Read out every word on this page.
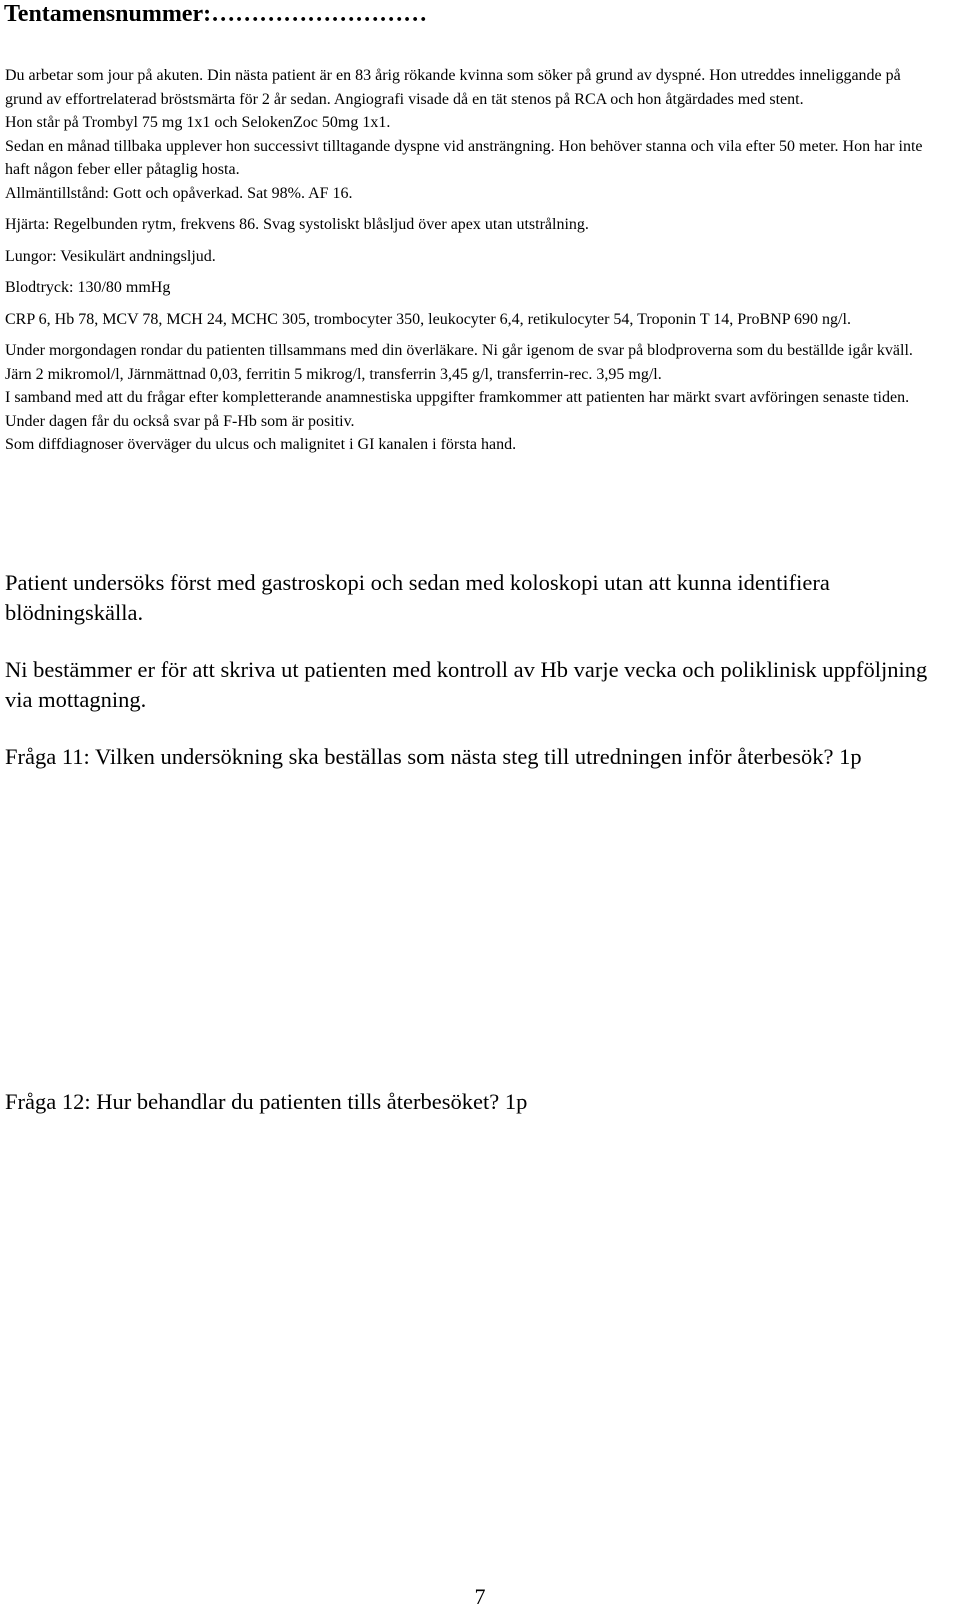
Tentamensnummer:………………………

Du arbetar som jour på akuten. Din nästa patient är en 83 årig rökande kvinna som söker på grund av dyspné. Hon utreddes inneliggande på grund av effortrelaterad bröstsmärta för 2 år sedan. Angiografi visade då en tät stenos på RCA och hon åtgärdades med stent.

Hon står på Trombyl 75 mg 1x1 och SelokenZoc 50mg 1x1.

Sedan en månad tillbaka upplever hon successivt tilltagande dyspne vid ansträngning. Hon behöver stanna och vila efter 50 meter. Hon har inte haft någon feber eller påtaglig hosta.

Allmäntillstånd: Gott och opåverkad. Sat 98%. AF 16.

Hjärta: Regelbunden rytm, frekvens 86. Svag systoliskt blåsljud över apex utan utstrålning.

Lungor: Vesikulärt andningsljud.

Blodtryck: 130/80 mmHg

CRP 6, Hb 78, MCV 78, MCH 24, MCHC 305, trombocyter 350, leukocyter 6,4, retikulocyter 54, Troponin T 14, ProBNP 690 ng/l.

Under morgondagen rondar du patienten tillsammans med din överläkare. Ni går igenom de svar på blodproverna som du beställde igår kväll.

Järn 2 mikromol/l, Järnmättnad 0,03, ferritin 5 mikrog/l, transferrin 3,45 g/l, transferrin-rec. 3,95 mg/l.

I samband med att du frågar efter kompletterande anamnestiska uppgifter framkommer att patienten har märkt svart avföringen senaste tiden.

Under dagen får du också svar på F-Hb som är positiv.

Som diffdiagnoser överväger du ulcus och malignitet i GI kanalen i första hand.

Patient undersöks först med gastroskopi och sedan med koloskopi utan att kunna identifiera blödningskälla.

Ni bestämmer er för att skriva ut patienten med kontroll av Hb varje vecka och poliklinisk uppföljning via mottagning.

Fråga 11: Vilken undersökning ska beställas som nästa steg till utredningen inför återbesök? 1p

Fråga 12: Hur behandlar du patienten tills återbesöket? 1p

7
